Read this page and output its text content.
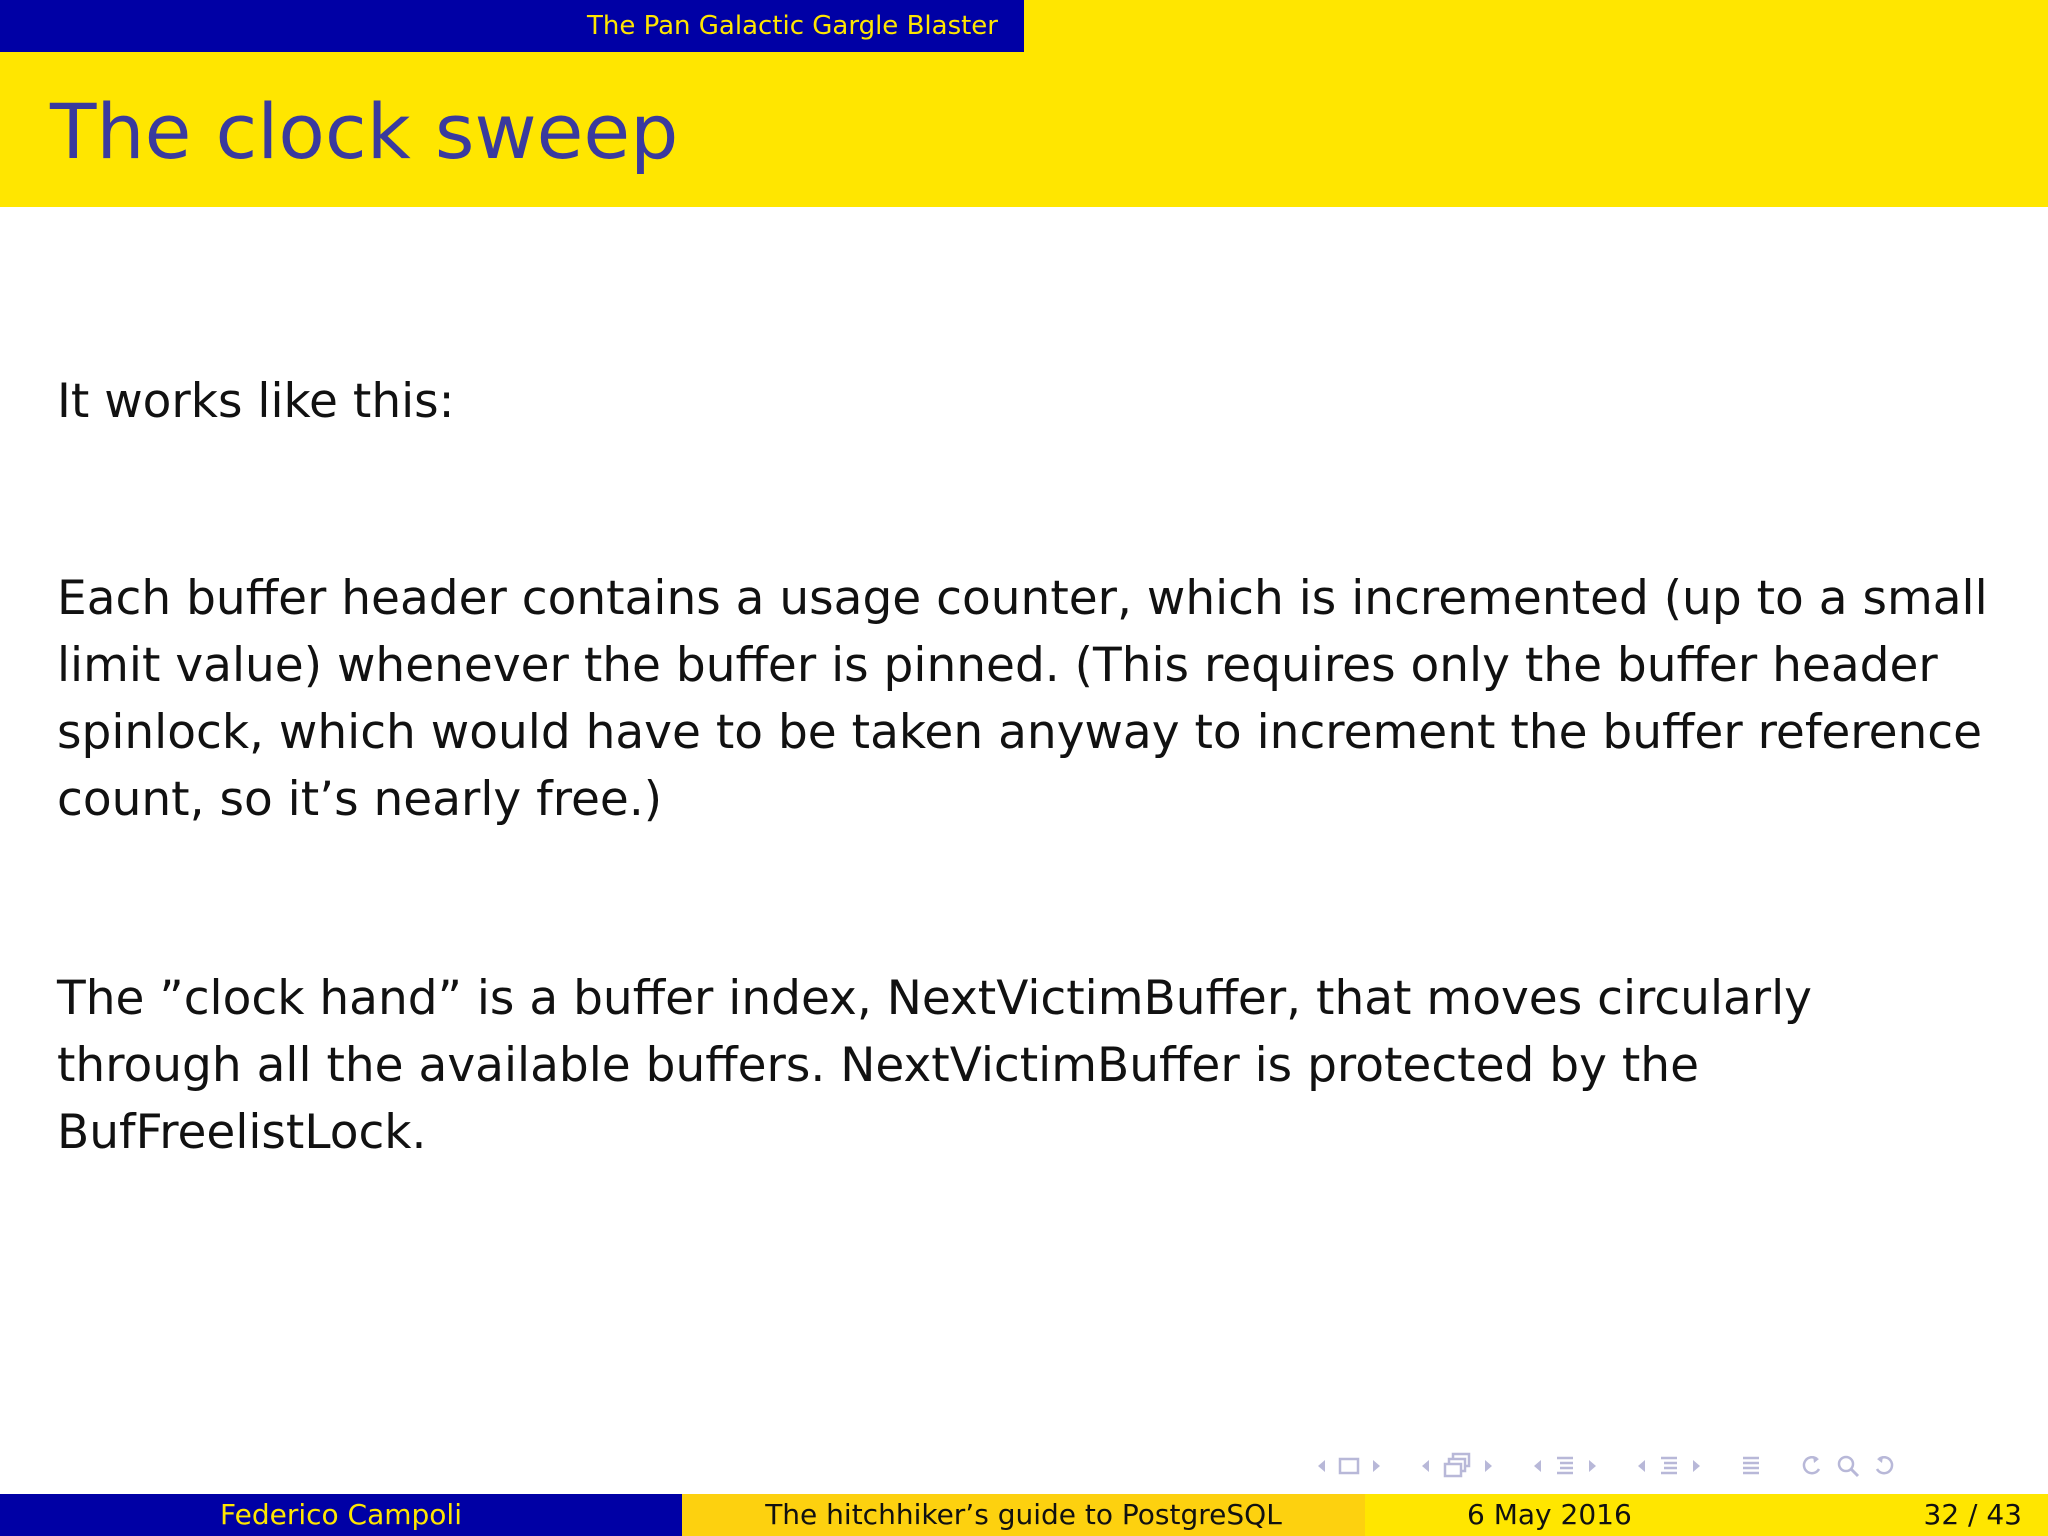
The Pan Galactic Gargle Blaster
The clock sweep

It works like this:

Each buffer header contains a usage counter, which is incremented (up to a small limit value) whenever the buffer is pinned. (This requires only the buffer header spinlock, which would have to be taken anyway to increment the buffer reference count, so it’s nearly free.)

The ”clock hand” is a buffer index, NextVictimBuffer, that moves circularly through all the available buffers. NextVictimBuffer is protected by the BufFreelistLock.

Federico Campoli	The hitchhiker’s guide to PostgreSQL	6 May 2016	32 / 43
